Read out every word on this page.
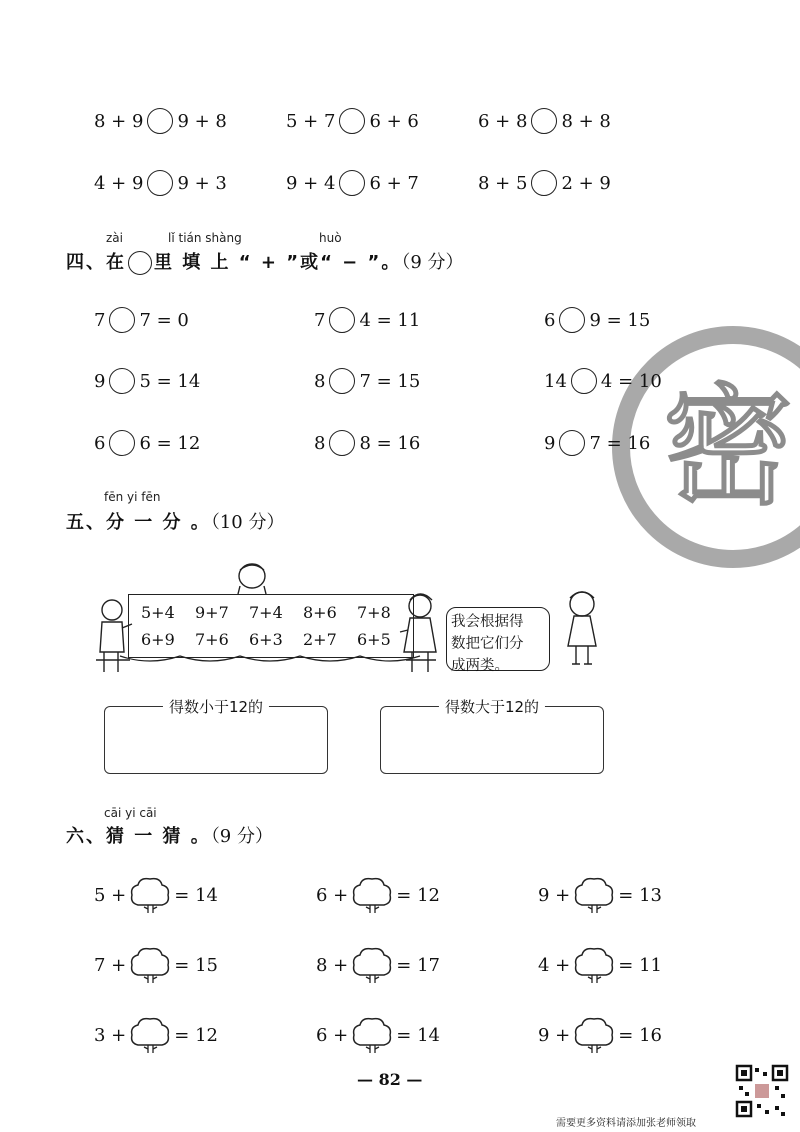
密
8 + 9 9 + 8	5 + 7 6 + 6	6 + 8 8 + 8
4 + 9 9 + 3	9 + 4 6 + 7	8 + 5 2 + 9
zài	lǐ tián shàng	huò
四、在 里 填 上 “ + ”或“ − ”。（9 分）
7 7 = 0	7 4 = 11	6 9 = 15
9 5 = 14	8 7 = 15	14 4 = 10
6 6 = 12	8 8 = 16	9 7 = 16
fēn yi fēn
五、分 一 分 。（10 分）
5+4 9+7 7+4 8+6 7+8
6+9 7+6 6+3 2+7 6+5
我会根据得
数把它们分
成两类。
得数小于12的	得数大于12的
cāi yi cāi
六、猜 一 猜 。（9 分）
5 +	= 14	6 +	= 12	9 +	= 13
7 +	= 15	8 +	= 17	4 +	= 11
3 +	= 12	6 +	= 14	9 +	= 16
— 82 —
需要更多资料请添加张老师领取
